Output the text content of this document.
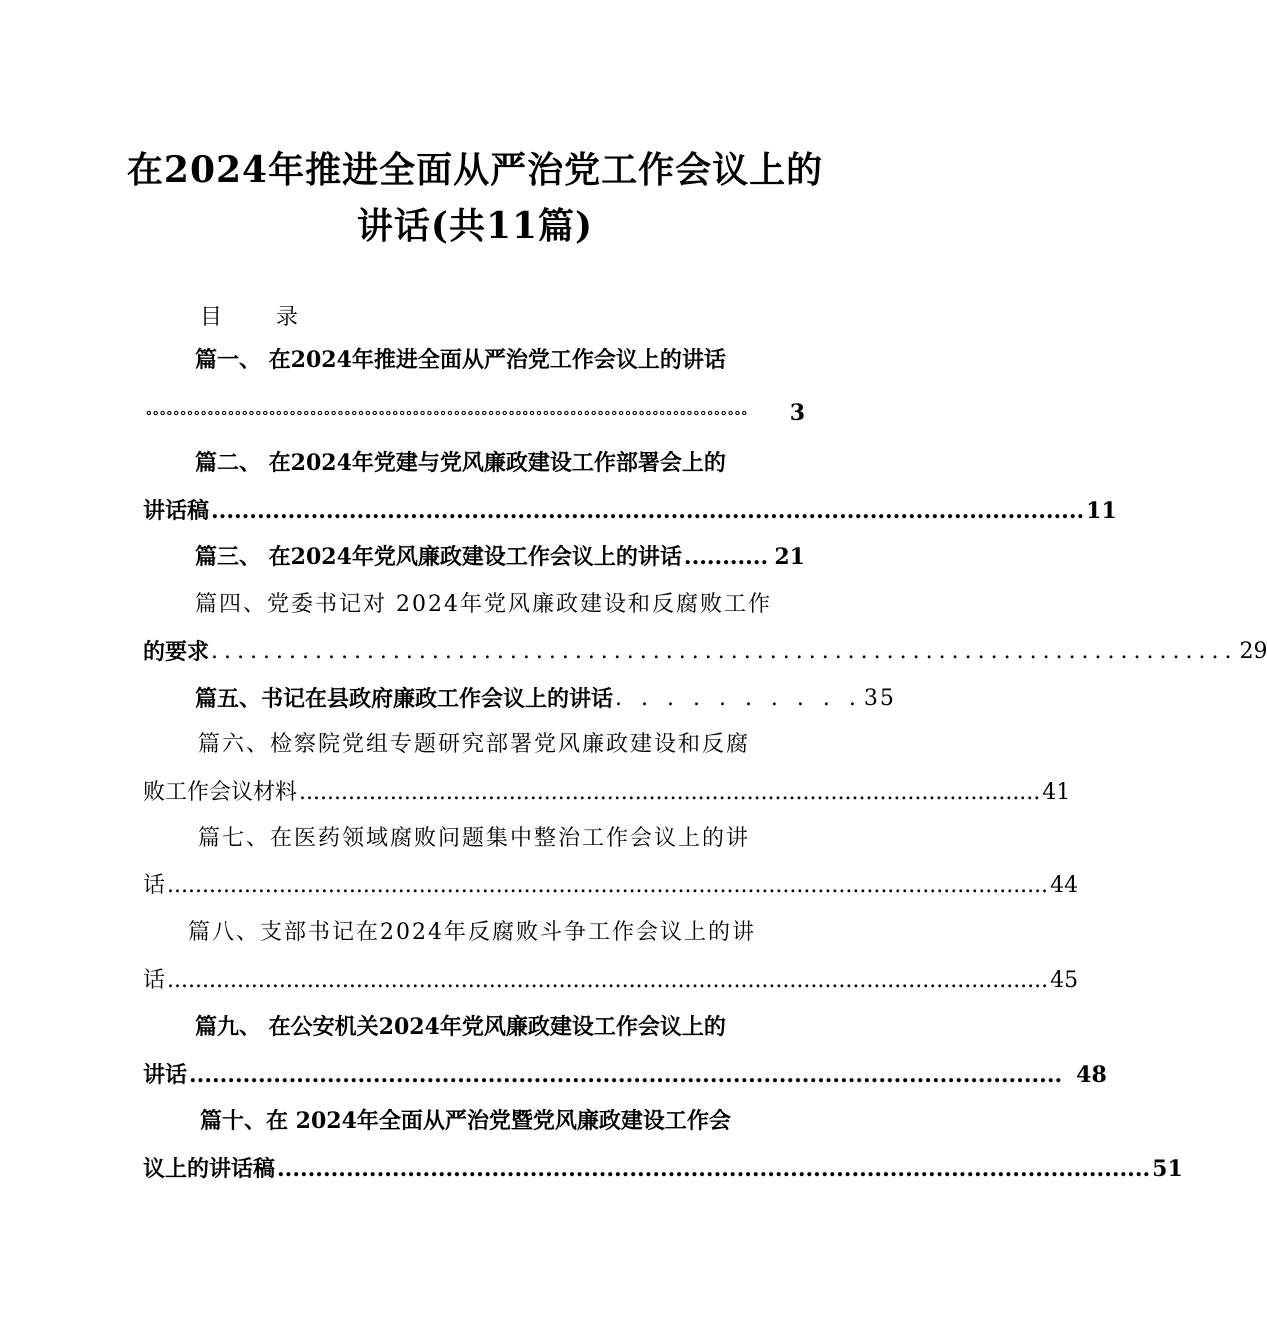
在2024年推进全面从严治党工作会议上的
讲话(共11篇)
目 录
篇一、 在2024年推进全面从严治党工作会议上的讲话
∘∘∘∘∘∘∘∘∘∘∘∘∘∘∘∘∘∘∘∘∘∘∘∘∘∘∘∘∘∘∘∘∘∘∘∘∘∘∘∘∘∘∘∘∘∘∘∘∘∘∘∘∘∘∘∘∘∘∘∘∘∘∘∘∘∘∘∘∘∘∘∘∘∘∘∘∘∘∘∘∘∘∘∘∘∘∘∘	3
篇二、 在2024年党建与党风廉政建设工作部署会上的
讲话稿 .................................................................................................................. 11
篇三、 在2024年党风廉政建设工作会议上的讲话 ........... 21
篇四、党委书记对 2024年党风廉政建设和反腐败工作
的要求 ............................................................................... 29
篇五、书记在县政府廉政工作会议上的讲话 . . . . . . . . . . 35
篇六、检察院党组专题研究部署党风廉政建设和反腐
败工作会议材料 .......................................................................................................... 41
篇七、在医药领域腐败问题集中整治工作会议上的讲
话 .............................................................................................................................. 44
篇八、支部书记在2024年反腐败斗争工作会议上的讲
话 .............................................................................................................................. 45
篇九、 在公安机关2024年党风廉政建设工作会议上的
讲话 .................................................................................................................. 48
篇十、在 2024年全面从严治党暨党风廉政建设工作会
议上的讲话稿 .................................................................................................................. 51
